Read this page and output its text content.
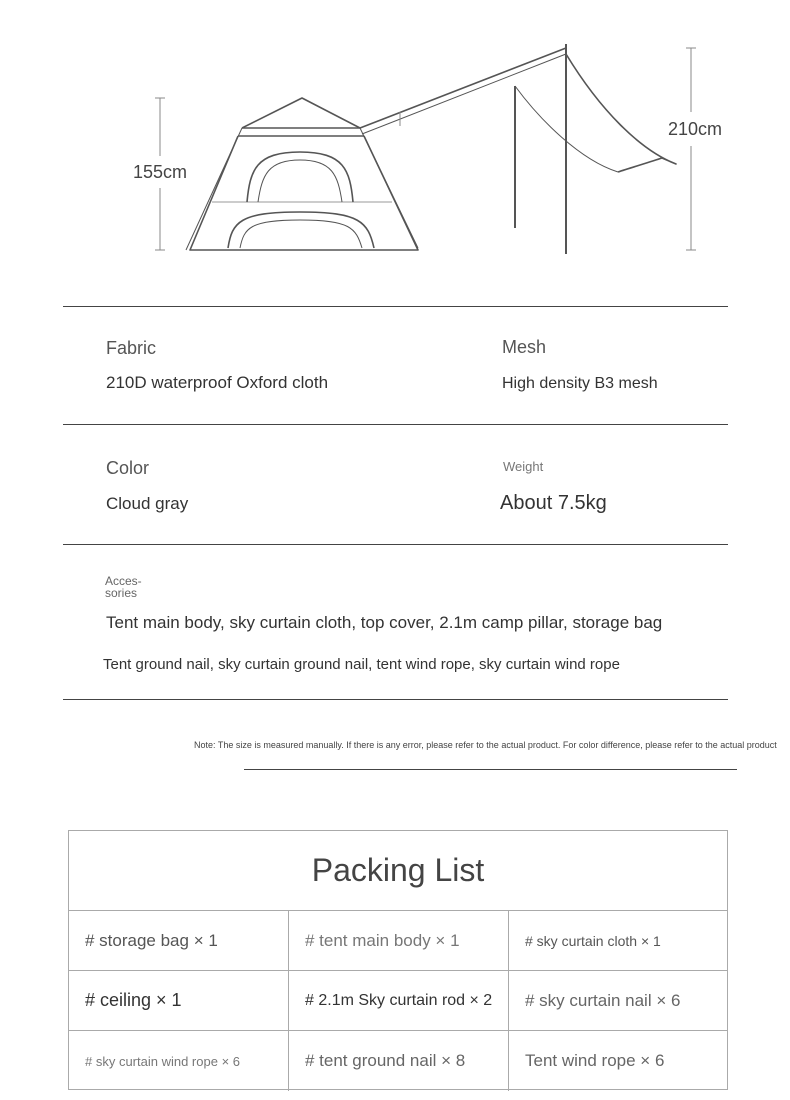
155cm
210cm
Fabric
210D waterproof Oxford cloth
Mesh
High density B3 mesh
Color
Cloud gray
Weight
About 7.5kg
Acces-
sories
Tent main body, sky curtain cloth, top cover, 2.1m camp pillar, storage bag
Tent ground nail, sky curtain ground nail, tent wind rope, sky curtain wind rope
Note: The size is measured manually. If there is any error, please refer to the actual product. For color difference, please refer to the actual product
Packing List
# storage bag × 1	# tent main body × 1	# sky curtain cloth × 1
# ceiling × 1	# 2.1m Sky curtain rod × 2	# sky curtain nail × 6
# sky curtain wind rope × 6	# tent ground nail × 8	Tent wind rope × 6
